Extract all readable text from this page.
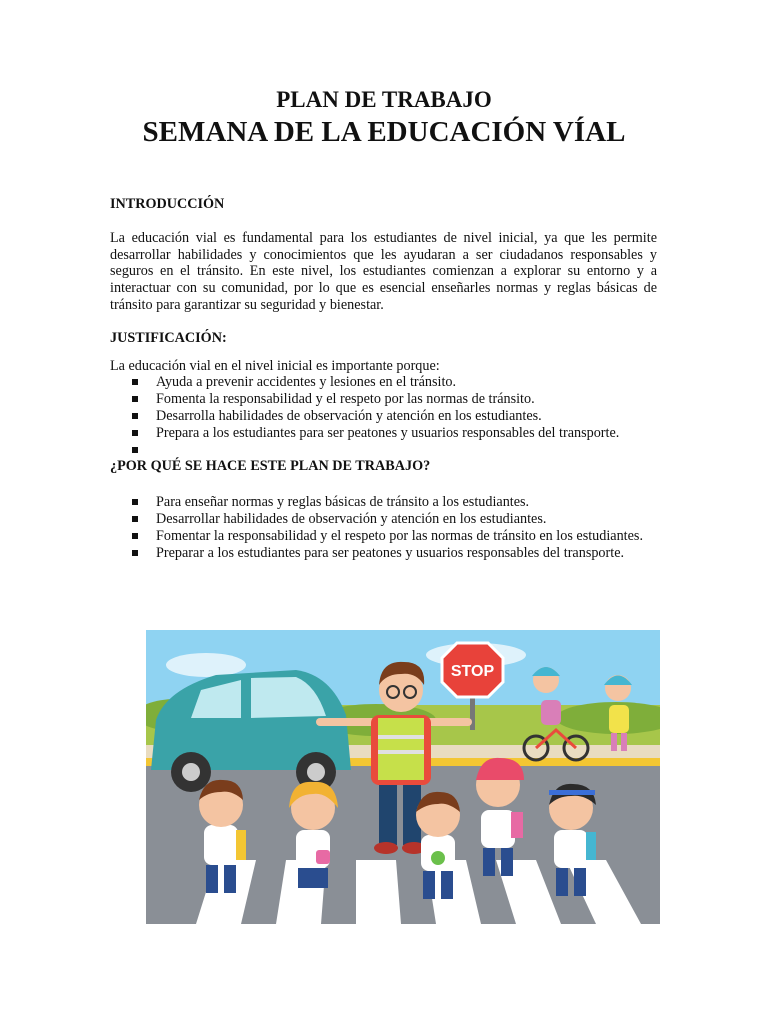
PLAN DE TRABAJO
SEMANA DE LA EDUCACIÓN VÍAL

INTRODUCCIÓN

La educación vial es fundamental para los estudiantes de nivel inicial, ya que les permite desarrollar habilidades y conocimientos que les ayudaran a ser ciudadanos responsables y seguros en el tránsito. En este nivel, los estudiantes comienzan a explorar su entorno y a interactuar con su comunidad, por lo que es esencial enseñarles normas y reglas básicas de tránsito para garantizar su seguridad y bienestar.

JUSTIFICACIÓN:

La educación vial en el nivel inicial es importante porque:

Ayuda a prevenir accidentes y lesiones en el tránsito.
Fomenta la responsabilidad y el respeto por las normas de tránsito.
Desarrolla habilidades de observación y atención en los estudiantes.
Prepara a los estudiantes para ser peatones y usuarios responsables del transporte.

¿POR QUÉ SE HACE ESTE PLAN DE TRABAJO?

Para enseñar normas y reglas básicas de tránsito a los estudiantes.
Desarrollar habilidades de observación y atención en los estudiantes.
Fomentar la responsabilidad y el respeto por las normas de tránsito en los estudiantes.
Preparar a los estudiantes para ser peatones y usuarios responsables del transporte.
STOP
